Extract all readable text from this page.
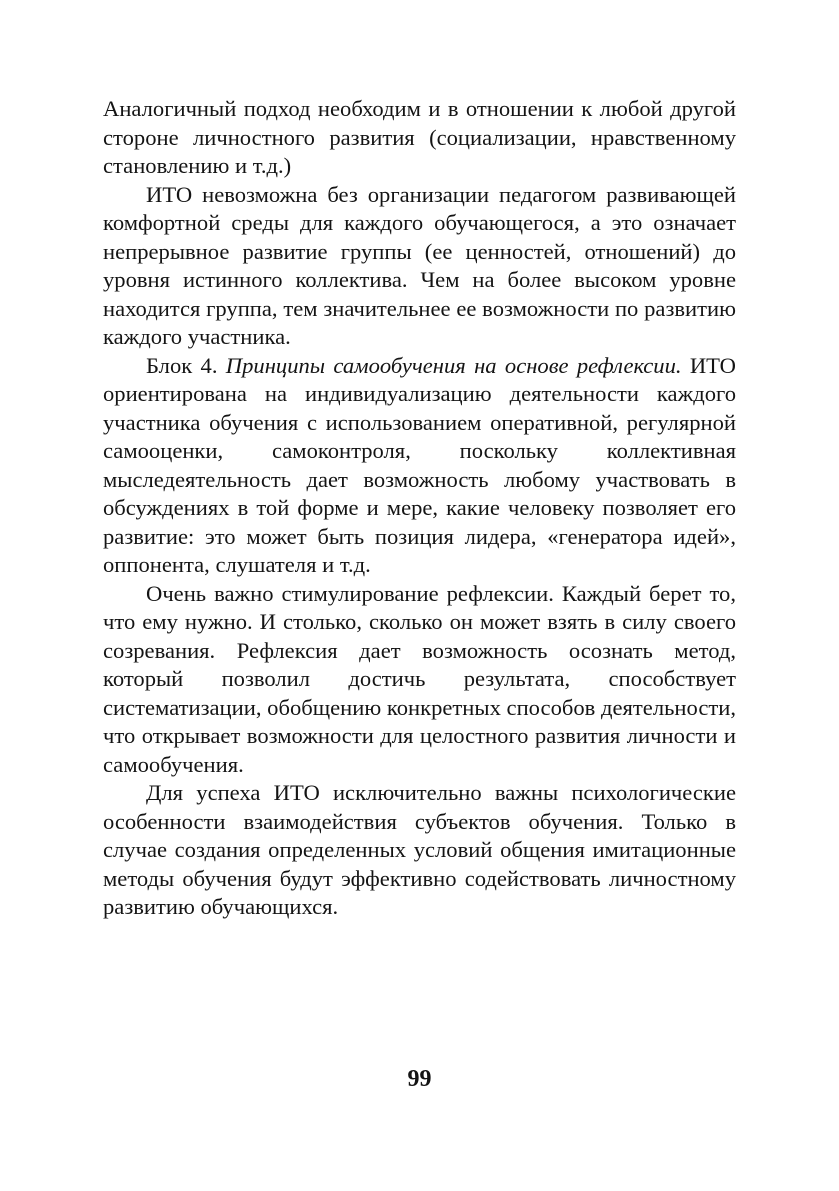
Аналогичный подход необходим и в отношении к любой другой стороне личностного развития (социализации, нравственному становлению и т.д.)

ИТО невозможна без организации педагогом развивающей комфортной среды для каждого обучающегося, а это означает непрерывное развитие группы (ее ценностей, отношений) до уровня истинного коллектива. Чем на более высоком уровне находится группа, тем значительнее ее возможности по развитию каждого участника.

Блок 4. Принципы самообучения на основе рефлексии. ИТО ориентирована на индивидуализацию деятельности каждого участника обучения с использованием оперативной, регулярной самооценки, самоконтроля, поскольку коллективная мыследеятельность дает возможность любому участвовать в обсуждениях в той форме и мере, какие человеку позволяет его развитие: это может быть позиция лидера, «генератора идей», оппонента, слушателя и т.д.

Очень важно стимулирование рефлексии. Каждый берет то, что ему нужно. И столько, сколько он может взять в силу своего созревания. Рефлексия дает возможность осознать метод, который позволил достичь результата, способствует систематизации, обобщению конкретных способов деятельности, что открывает возможности для целостного развития личности и самообучения.

Для успеха ИТО исключительно важны психологические особенности взаимодействия субъектов обучения. Только в случае создания определенных условий общения имитационные методы обучения будут эффективно содействовать личностному развитию обучающихся.

99
